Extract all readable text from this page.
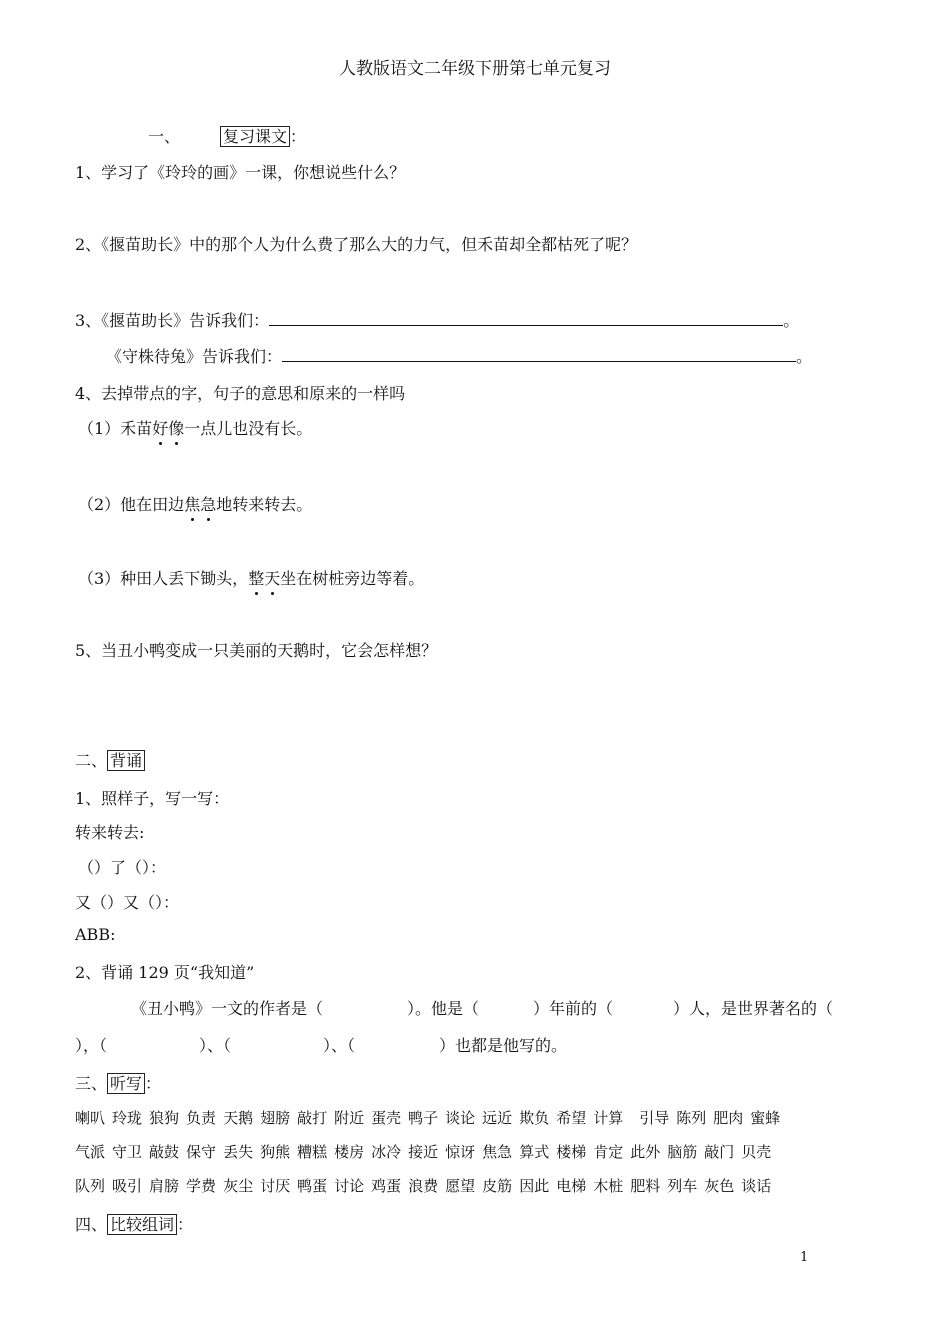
人教版语文二年级下册第七单元复习
一、	复习课文 ：
1、学习了《玲玲的画》一课，你想说些什么？
2、《揠苗助长》中的那个人为什么费了那么大的力气，但禾苗却全都枯死了呢？
3、《揠苗助长》告诉我们：	。
《守株待兔》告诉我们：	。
4、去掉带点的字，句子的意思和原来的一样吗
（1）禾苗好像一点儿也没有长。
（2）他在田边焦急地转来转去。
（3）种田人丢下锄头，整天坐在树桩旁边等着。
5、当丑小鸭变成一只美丽的天鹅时，它会怎样想？
二、 背诵
1、照样子，写一写：
转来转去:
（）了（）：
又（）又（）：
ABB:
2、背诵 129 页“我知道”
《丑小鸭》一文的作者是（	）。他是（	）年前的（	）人，是世界著名的（
），（	）、（	）、（	）也都是他写的。
三、 听写 ：
喇叭 玲珑 狼狗 负责 天鹅 翅膀 敲打 附近 蛋壳 鸭子 谈论 远近 欺负 希望 计算 引导 陈列 肥肉 蜜蜂
气派 守卫 敲鼓 保守 丢失 狗熊 糟糕 楼房 冰冷 接近 惊讶 焦急 算式 楼梯 肯定 此外 脑筋 敲门 贝壳
队列 吸引 肩膀 学费 灰尘 讨厌 鸭蛋 讨论 鸡蛋 浪费 愿望 皮筋 因此 电梯 木桩 肥料 列车 灰色 谈话
四、 比较组词 ：
1
